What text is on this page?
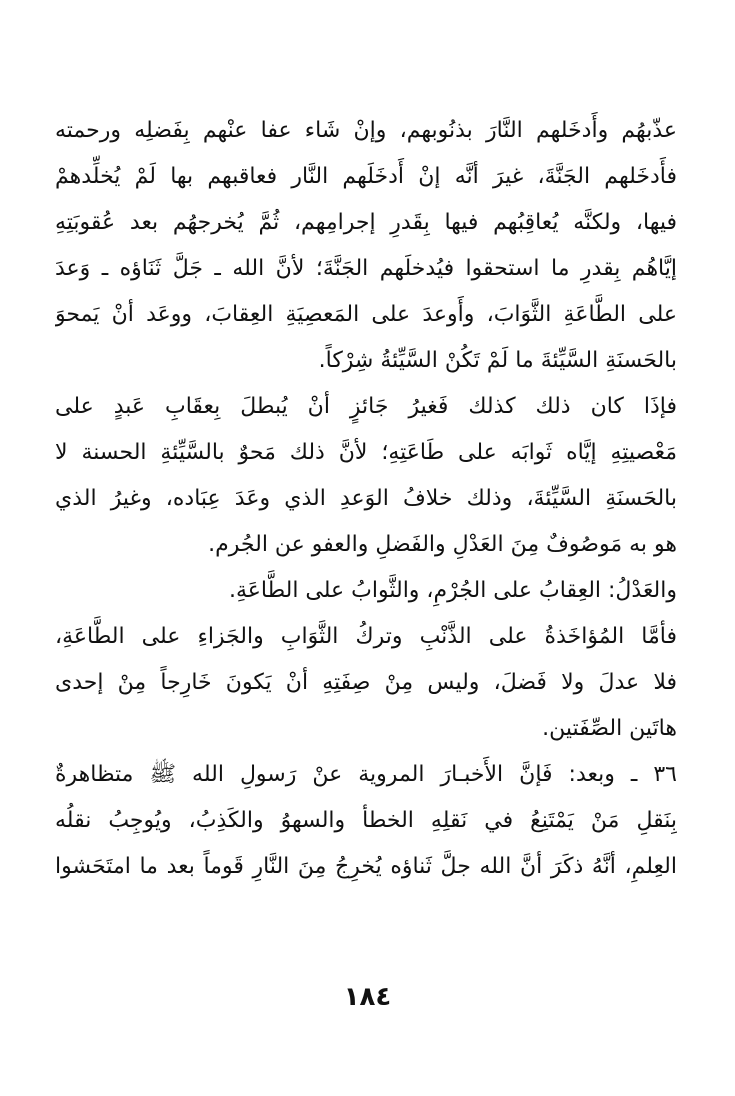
عذّبهُم وأَدخَلهم النَّارَ بذنُوبهم، وإنْ شَاء عفا عنْهم بِفَضلِه ورحمته
فأَدخَلهم الجَنَّةَ، غيرَ أنَّه إنْ أَدخَلَهم النَّار فعاقبهم بها لَمْ يُخلِّدهمْ
فيها، ولكنَّه يُعاقِبُهم فيها بِقَدرِ إجرامِهم، ثُمَّ يُخرجهُم بعد عُقوبَتِهِ
إيَّاهُم بِقدرِ ما استحقوا فيُدخلَهم الجَنَّةَ؛ لأنَّ الله ـ جَلَّ ثَنَاؤه ـ وَعدَ
على الطَّاعَةِ الثَّوَابَ، وأَوعدَ على المَعصِيَةِ العِقابَ، ووعَد أنْ يَمحوَ
بالحَسنَةِ السَّيِّئةَ ما لَمْ تَكُنْ السَّيِّئةُ شِرْكاً.
فإذَا كان ذلك كذلك فَغيرُ جَائزٍ أنْ يُبطلَ بِعقَابِ عَبدٍ على
مَعْصيتِهِ إيَّاه ثَوابَه على طَاعَتِهِ؛ لأنَّ ذلك مَحوٌ بالسَّيِّئةِ الحسنة لا
بالحَسنَةِ السَّيِّئةَ، وذلك خلافُ الوَعدِ الذي وعَدَ عِبَاده، وغيرُ الذي
هو به مَوصُوفٌ مِنَ العَدْلِ والفَضلِ والعفو عن الجُرم.
والعَدْلُ: العِقابُ على الجُرْمِ، والثَّوابُ على الطَّاعَةِ.
فأمَّا المُؤاخَذةُ على الذَّنْبِ وتركُ الثَّوَابِ والجَزاءِ على الطَّاعَةِ،
فلا عدلَ ولا فَضلَ، وليس مِنْ صِفَتِهِ أنْ يَكونَ خَارِجاً مِنْ إحدى
هاتَين الصِّفَتين.
٣٦ ـ وبعد: فَإنَّ الأَخبـارَ المروية عنْ رَسولِ الله ﷺ متظاهرةٌ
بِنَقلِ مَنْ يَمْتَنِعُ في نَقلِهِ الخطأ والسهوُ والكَذِبُ، ويُوجِبُ نقلُه
العِلمِ، أنَّهُ ذكَرَ أنَّ الله جلَّ ثَناؤه يُخرِجُ مِنَ النَّارِ قَوماً بعد ما امتَحَشوا
١٨٤
